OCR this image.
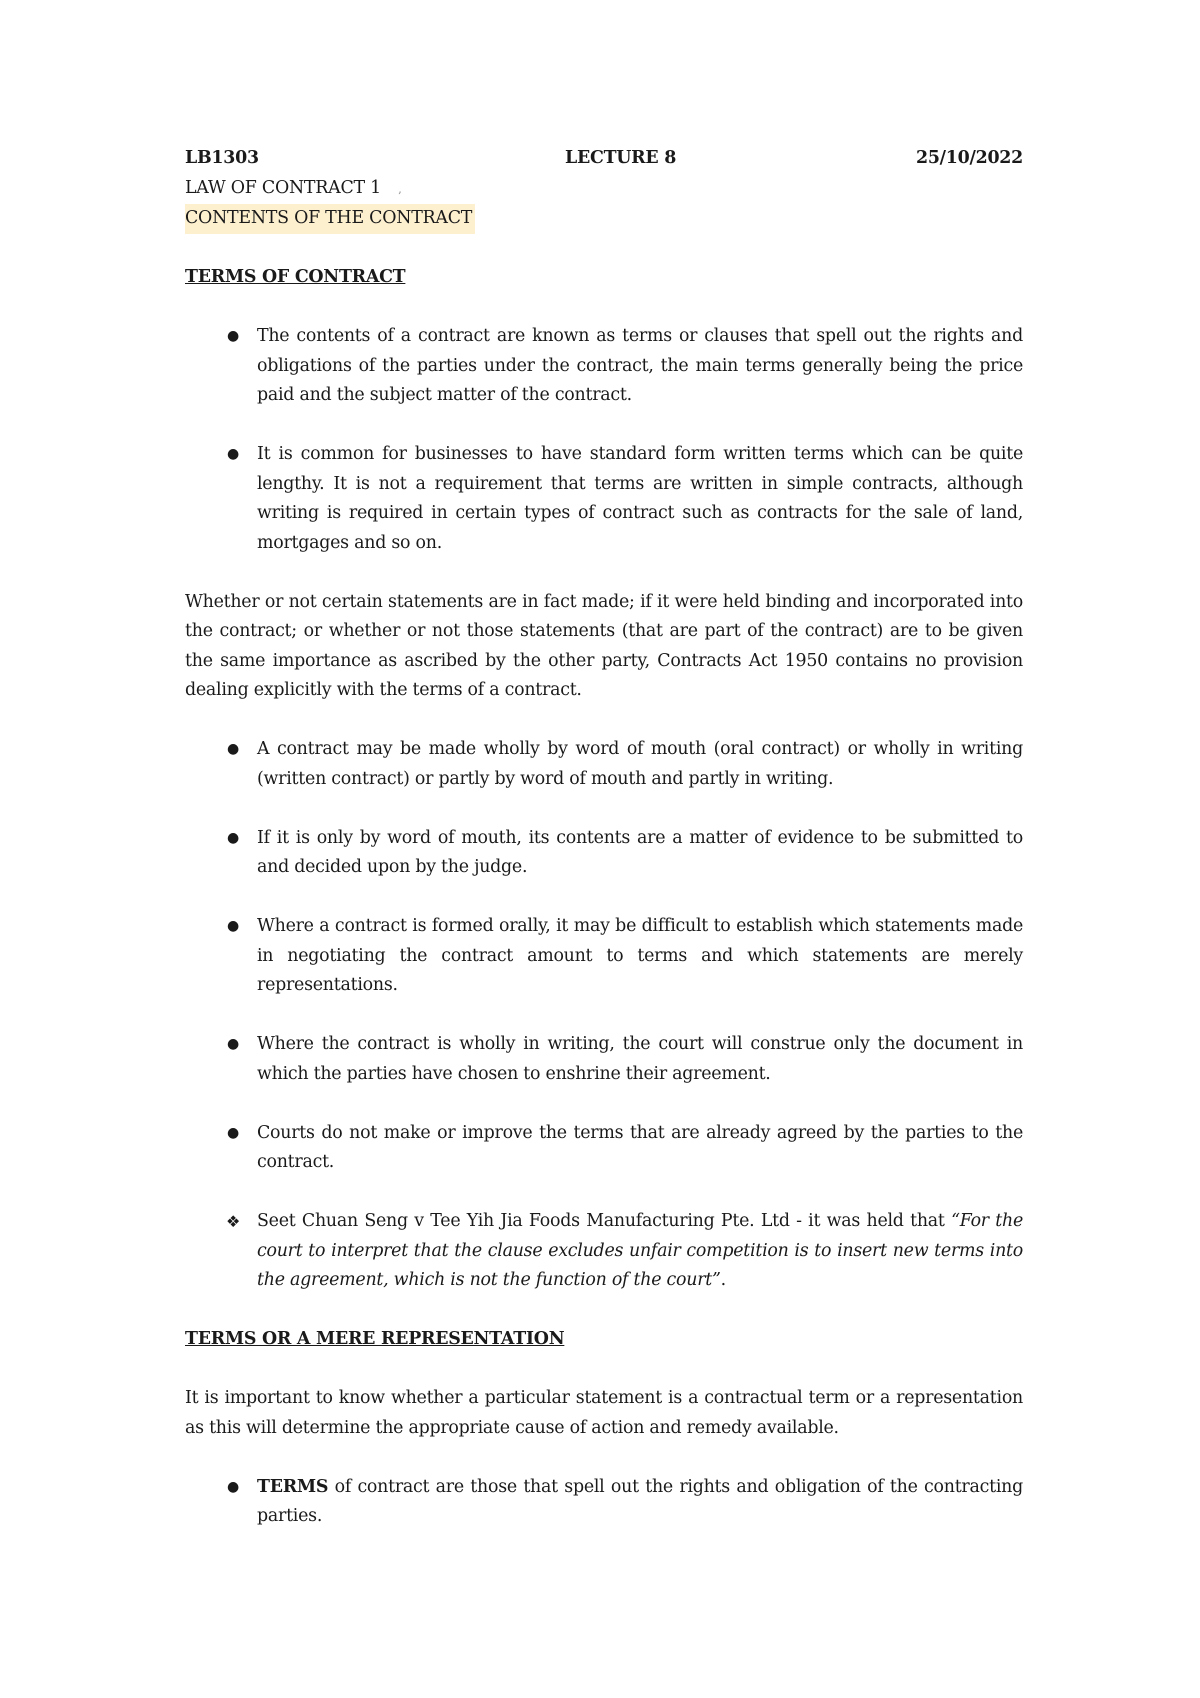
LB1303	LECTURE 8	25/10/2022
LAW OF CONTRACT 1 ,
CONTENTS OF THE CONTRACT
TERMS OF CONTRACT
● The contents of a contract are known as terms or clauses that spell out the rights and obligations of the parties under the contract, the main terms generally being the price paid and the subject matter of the contract.
● It is common for businesses to have standard form written terms which can be quite lengthy. It is not a requirement that terms are written in simple contracts, although writing is required in certain types of contract such as contracts for the sale of land, mortgages and so on.
Whether or not certain statements are in fact made; if it were held binding and incorporated into the contract; or whether or not those statements (that are part of the contract) are to be given the same importance as ascribed by the other party, Contracts Act 1950 contains no provision dealing explicitly with the terms of a contract.
● A contract may be made wholly by word of mouth (oral contract) or wholly in writing (written contract) or partly by word of mouth and partly in writing.
● If it is only by word of mouth, its contents are a matter of evidence to be submitted to and decided upon by the judge.
● Where a contract is formed orally, it may be difficult to establish which statements made in negotiating the contract amount to terms and which statements are merely representations.
● Where the contract is wholly in writing, the court will construe only the document in which the parties have chosen to enshrine their agreement.
● Courts do not make or improve the terms that are already agreed by the parties to the contract.
❖ Seet Chuan Seng v Tee Yih Jia Foods Manufacturing Pte. Ltd - it was held that “For the court to interpret that the clause excludes unfair competition is to insert new terms into the agreement, which is not the function of the court”.
TERMS OR A MERE REPRESENTATION
It is important to know whether a particular statement is a contractual term or a representation as this will determine the appropriate cause of action and remedy available.
● TERMS of contract are those that spell out the rights and obligation of the contracting parties.
